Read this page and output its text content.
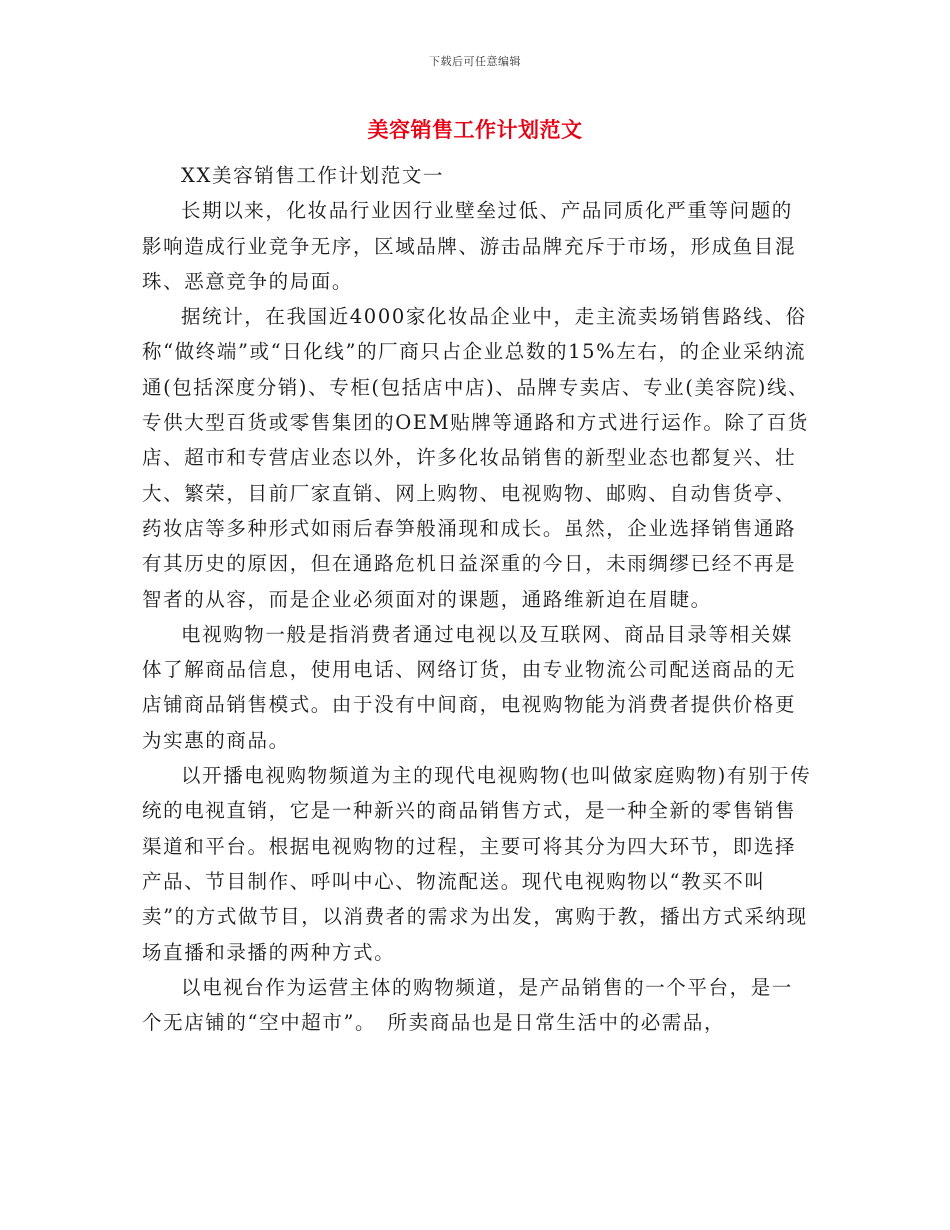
下载后可任意编辑
美容销售工作计划范文

XX美容销售工作计划范文一

长期以来，化妆品行业因行业壁垒过低、产品同质化严重等问题的影响造成行业竞争无序，区域品牌、游击品牌充斥于市场，形成鱼目混珠、恶意竞争的局面。

据统计，在我国近4000家化妆品企业中，走主流卖场销售路线、俗称“做终端”或“日化线”的厂商只占企业总数的15%左右，的企业采纳流通(包括深度分销)、专柜(包括店中店)、品牌专卖店、专业(美容院)线、专供大型百货或零售集团的OEM贴牌等通路和方式进行运作。除了百货店、超市和专营店业态以外，许多化妆品销售的新型业态也都复兴、壮大、繁荣，目前厂家直销、网上购物、电视购物、邮购、自动售货亭、药妆店等多种形式如雨后春笋般涌现和成长。虽然，企业选择销售通路有其历史的原因，但在通路危机日益深重的今日，未雨绸缪已经不再是智者的从容，而是企业必须面对的课题，通路维新迫在眉睫。

电视购物一般是指消费者通过电视以及互联网、商品目录等相关媒体了解商品信息，使用电话、网络订货，由专业物流公司配送商品的无店铺商品销售模式。由于没有中间商，电视购物能为消费者提供价格更为实惠的商品。

以开播电视购物频道为主的现代电视购物(也叫做家庭购物)有别于传统的电视直销，它是一种新兴的商品销售方式，是一种全新的零售销售渠道和平台。根据电视购物的过程，主要可将其分为四大环节，即选择产品、节目制作、呼叫中心、物流配送。现代电视购物以“教买不叫卖”的方式做节目，以消费者的需求为出发，寓购于教，播出方式采纳现场直播和录播的两种方式。

以电视台作为运营主体的购物频道，是产品销售的一个平台，是一个无店铺的“空中超市”。　所卖商品也是日常生活中的必需品，
